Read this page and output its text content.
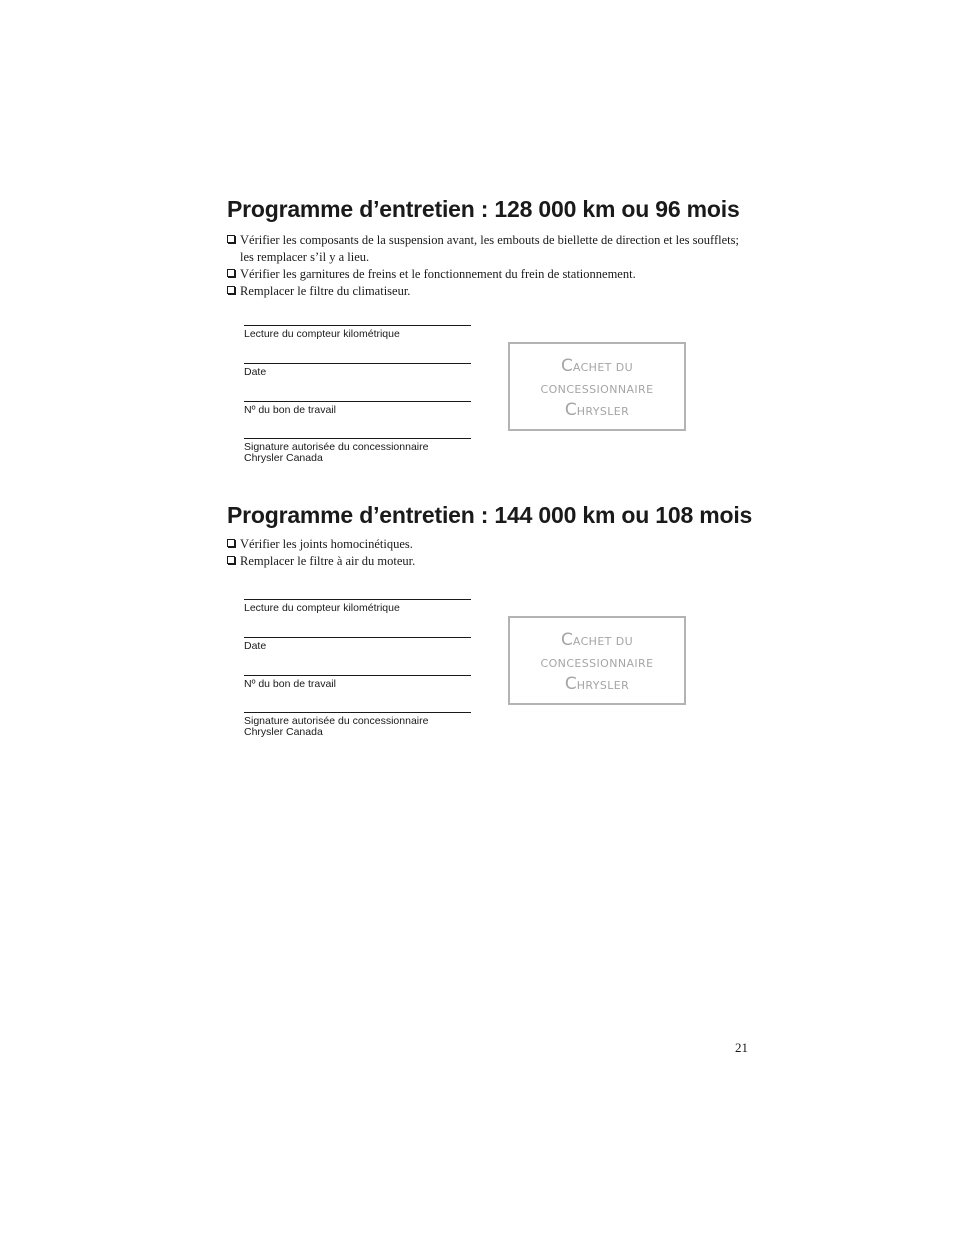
Programme d’entretien : 128 000 km ou 96 mois
Vérifier les composants de la suspension avant, les embouts de biellette de direction et les soufflets; les remplacer s’il y a lieu.
Vérifier les garnitures de freins et le fonctionnement du frein de stationnement.
Remplacer le filtre du climatiseur.
Lecture du compteur kilométrique
Date
Nº du bon de travail
Signature autorisée du concessionnaire
Chrysler Canada
CACHET DU
CONCESSIONNAIRE
CHRYSLER
Programme d’entretien : 144 000 km ou 108 mois
Vérifier les joints homocinétiques.
Remplacer le filtre à air du moteur.
Lecture du compteur kilométrique
Date
Nº du bon de travail
Signature autorisée du concessionnaire
Chrysler Canada
CACHET DU
CONCESSIONNAIRE
CHRYSLER
21
